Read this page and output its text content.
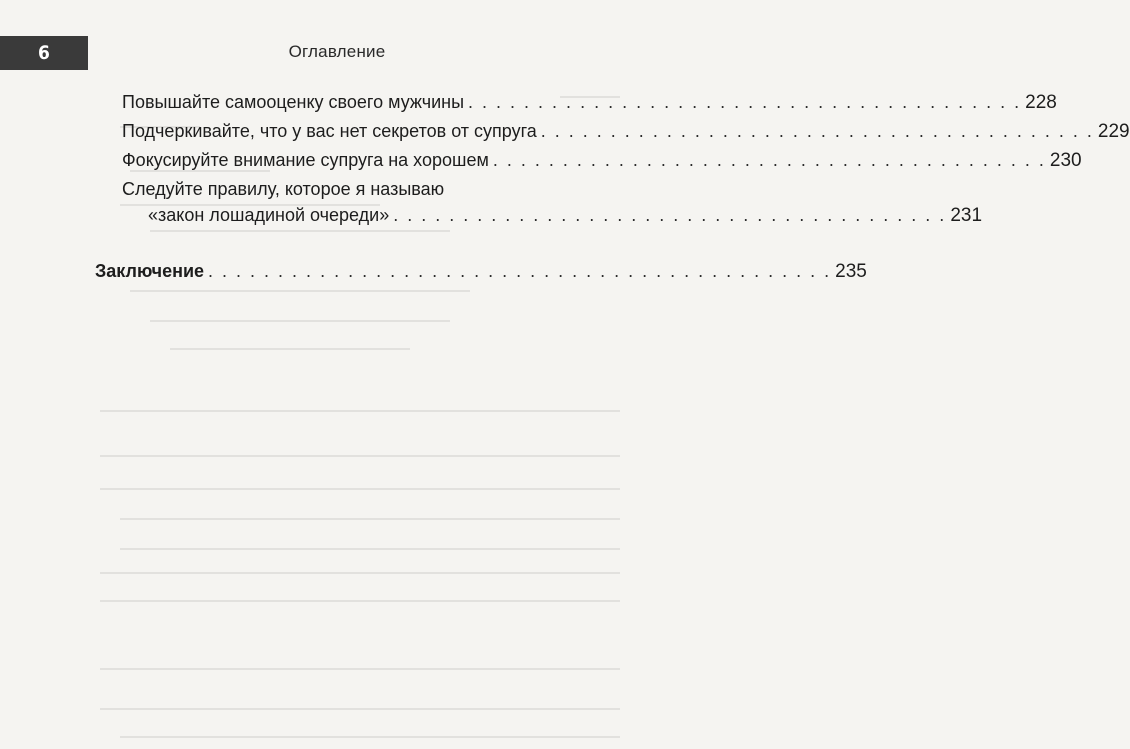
6	Оглавление
Повышайте самооценку своего мужчины . . . . . . . . . . . . . . . . . . . . . . . . . . . . . . . . . . . . . . . . 228
Подчеркивайте, что у вас нет секретов от супруга . . . . . . . . . . . . . . . . . . . . . . . . . . . . . . . . . . . . . . . . 229
Фокусируйте внимание супруга на хорошем . . . . . . . . . . . . . . . . . . . . . . . . . . . . . . . . . . . . . . . . 230
Следуйте правилу, которое я называю
«закон лошадиной очереди» . . . . . . . . . . . . . . . . . . . . . . . . . . . . . . . . . . . . . . . . 231
Заключение . . . . . . . . . . . . . . . . . . . . . . . . . . . . . . . . . . . . . . . . . . . . . 235
